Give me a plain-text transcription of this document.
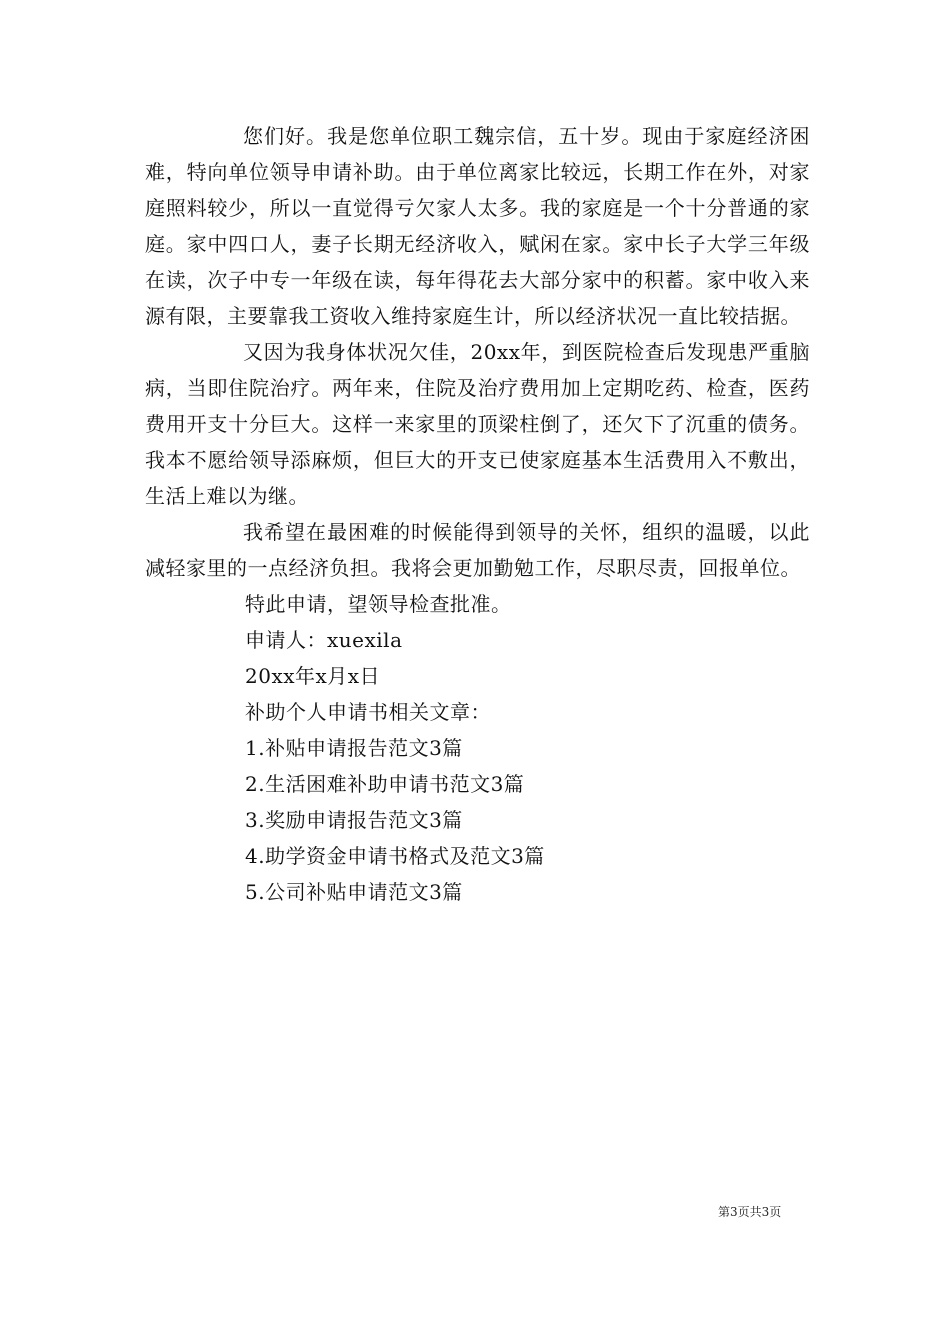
您们好。我是您单位职工魏宗信，五十岁。现由于家庭经济困难，特向单位领导申请补助。由于单位离家比较远，长期工作在外，对家庭照料较少，所以一直觉得亏欠家人太多。我的家庭是一个十分普通的家庭。家中四口人，妻子长期无经济收入，赋闲在家。家中长子大学三年级在读，次子中专一年级在读，每年得花去大部分家中的积蓄。家中收入来源有限，主要靠我工资收入维持家庭生计，所以经济状况一直比较拮据。

又因为我身体状况欠佳，20xx年，到医院检查后发现患严重脑病，当即住院治疗。两年来，住院及治疗费用加上定期吃药、检查，医药费用开支十分巨大。这样一来家里的顶梁柱倒了，还欠下了沉重的债务。我本不愿给领导添麻烦，但巨大的开支已使家庭基本生活费用入不敷出，生活上难以为继。

我希望在最困难的时候能得到领导的关怀，组织的温暖，以此减轻家里的一点经济负担。我将会更加勤勉工作，尽职尽责，回报单位。

特此申请，望领导检查批准。

申请人：xuexila

20xx年x月x日

补助个人申请书相关文章：

1.补贴申请报告范文3篇

2.生活困难补助申请书范文3篇

3.奖励申请报告范文3篇

4.助学资金申请书格式及范文3篇

5.公司补贴申请范文3篇

第3页共3页
